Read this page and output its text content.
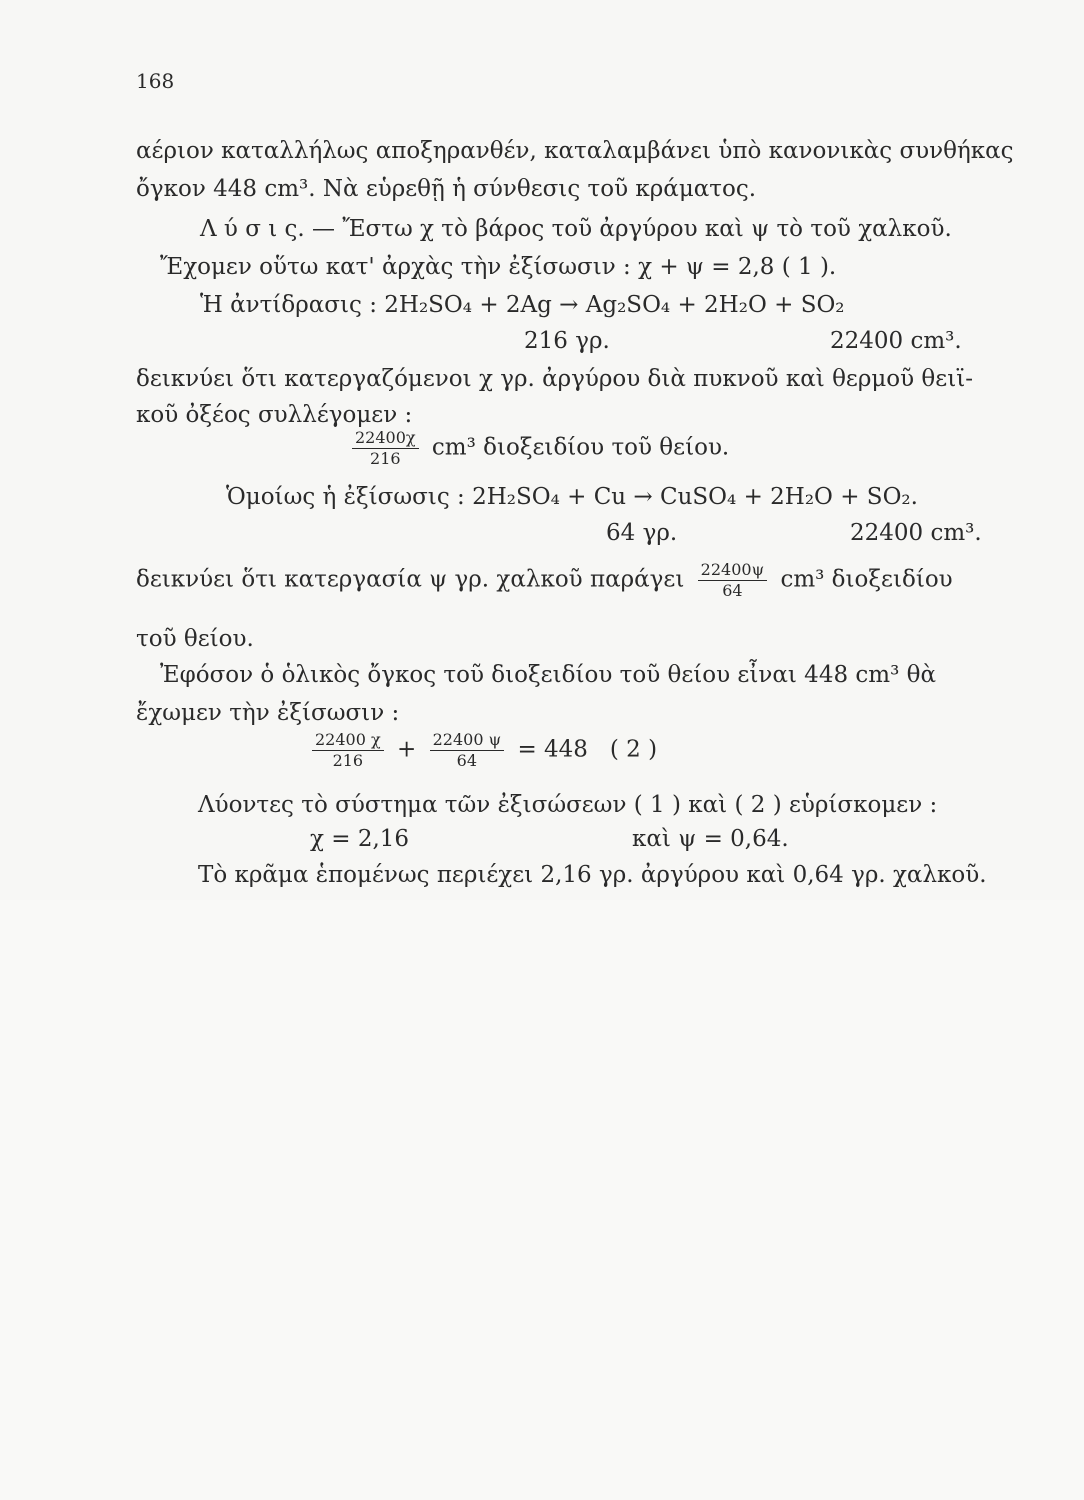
168
αέριον καταλλήλως αποξηρανθέν, καταλαμβάνει ὑπὸ κανονικὰς συνθήκας
ὄγκον 448 cm³. Νὰ εὑρεθῇ ἡ σύνθεσις τοῦ κράματος.
Λ ύ σ ι ς. — Ἔστω χ τὸ βάρος τοῦ ἀργύρου καὶ ψ τὸ τοῦ χαλκοῦ.
Ἔχομεν οὕτω κατ' ἀρχὰς τὴν ἐξίσωσιν : χ + ψ = 2,8 ( 1 ).
Ἡ ἀντίδρασις : 2H₂SO₄ + 2Ag → Ag₂SO₄ + 2H₂O + SO₂
216 γρ.	22400 cm³.
δεικνύει ὅτι κατεργαζόμενοι χ γρ. ἀργύρου διὰ πυκνοῦ καὶ θερμοῦ θειϊ-
κοῦ ὀξέος συλλέγομεν :
$\frac{22400\chi}{216} cm^3$ διοξειδίου τοῦ θείου.
Ὁμοίως ἡ ἐξίσωσις : 2H₂SO₄ + Cu → CuSO₄ + 2H₂O + SO₂.
64 γρ.	22400 cm³.
δεικνύει ὅτι κατεργασία ψ γρ. χαλκοῦ παράγει $\frac{22400\psi}{64} cm^3$ διοξειδίου
τοῦ θείου.
Ἐφόσον ὁ ὁλικὸς ὄγκος τοῦ διοξειδίου τοῦ θείου εἶναι 448 cm³ θὰ
ἔχωμεν τὴν ἐξίσωσιν :
$\frac{22400 \chi}{216} + \frac{22400 \psi}{64} = 448$   ( 2 )
Λύοντες τὸ σύστημα τῶν ἐξισώσεων ( 1 ) καὶ ( 2 ) εὑρίσκομεν :
χ = 2,16	καὶ ψ = 0,64.
Τὸ κρᾶμα ἑπομένως περιέχει 2,16 γρ. ἀργύρου καὶ 0,64 γρ. χαλκοῦ.
